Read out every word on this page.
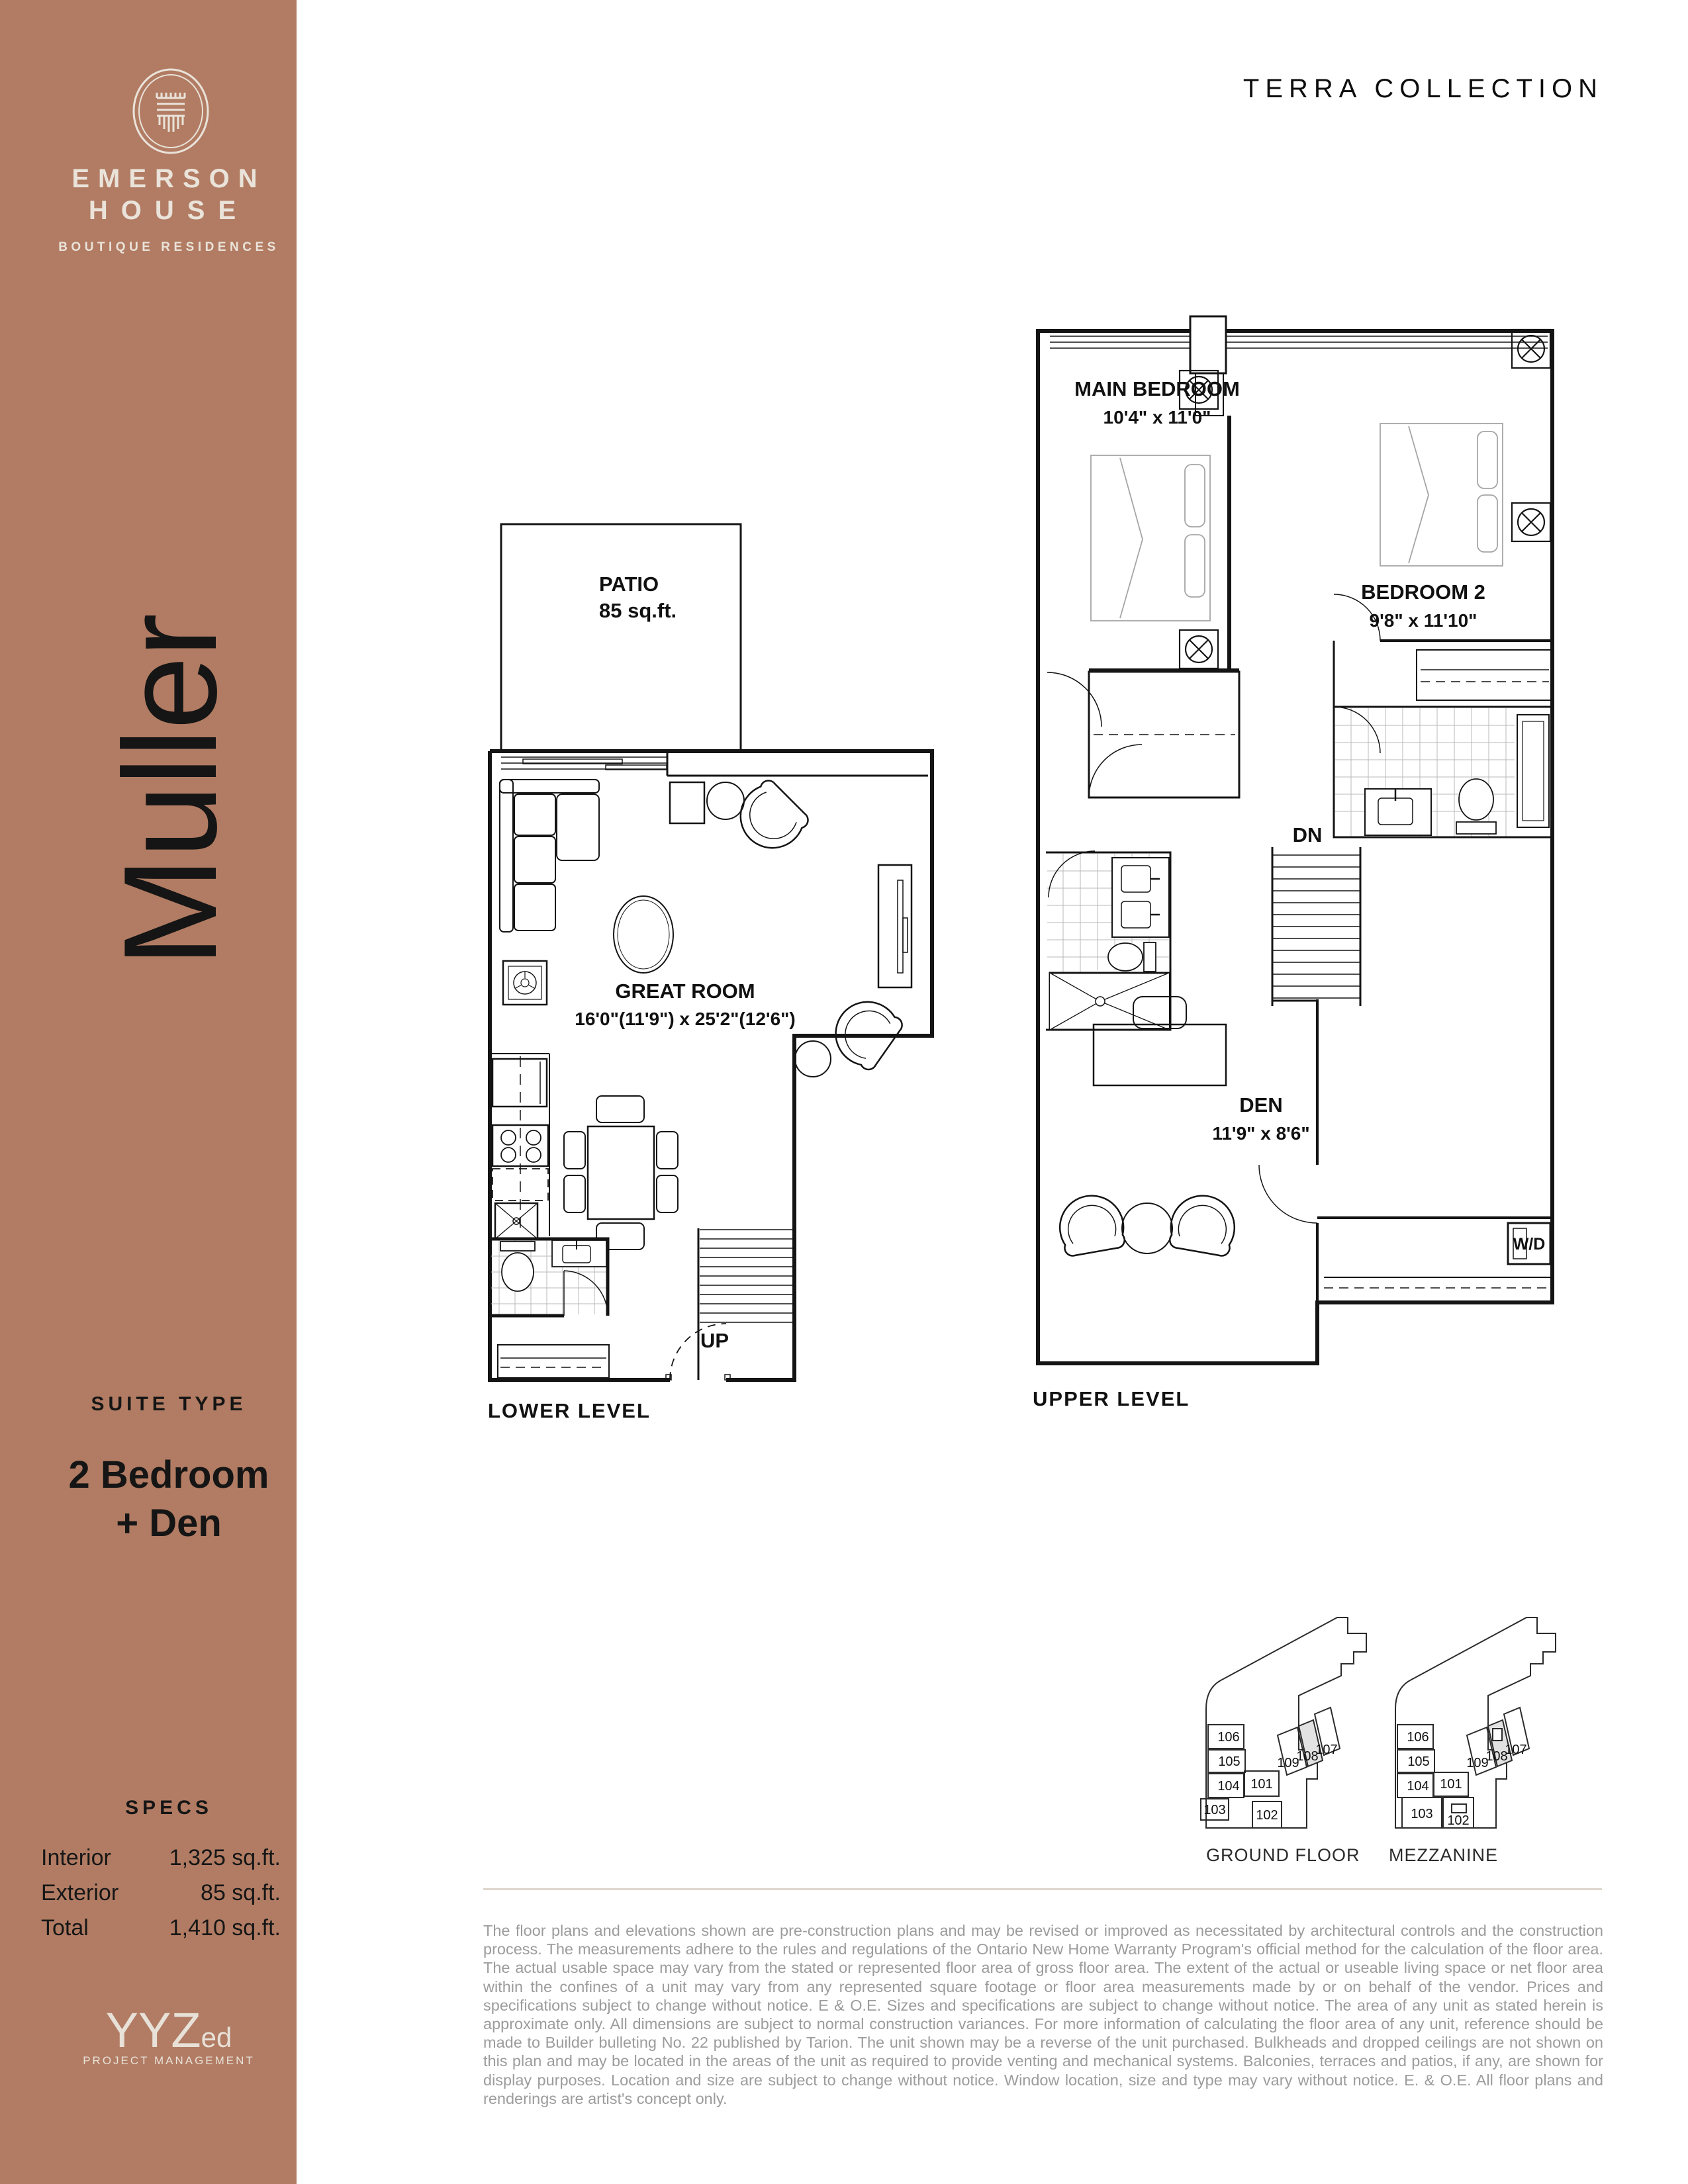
EMERSON
HOUSE
BOUTIQUE RESIDENCES
Muller
SUITE TYPE
2 Bedroom
+ Den
SPECS
Interior	1,325 sq.ft.
Exterior	85 sq.ft.
Total	1,410 sq.ft.
YYZed
PROJECT MANAGEMENT
TERRA COLLECTION
PATIO
85 sq.ft.
GREAT ROOM
16'0"(11'9") x 25'2"(12'6")
UP
LOWER LEVEL
MAIN BEDROOM
10'4" x 11'0"
BEDROOM 2
9'8" x 11'10"
DN
DEN
11'9" x 8'6"
W/D
UPPER LEVEL
106
105
104
103
101
102
109
108
107
GROUND FLOOR
106
105
104
103
101
102
109
108
107
MEZZANINE

The floor plans and elevations shown are pre-construction plans and may be revised or improved as necessitated by architectural controls and the construction process. The measurements adhere to the rules and regulations of the Ontario New Home Warranty Program's official method for the calculation of the floor area. The actual usable space may vary from the stated or represented floor area of gross floor area. The extent of the actual or useable living space or net floor area within the confines of a unit may vary from any represented square footage or floor area measurements made by or on behalf of the vendor. Prices and specifications subject to change without notice. E & O.E. Sizes and specifications are subject to change without notice. The area of any unit as stated herein is approximate only. All dimensions are subject to normal construction variances. For more information of calculating the floor area of any unit, reference should be made to Builder bulleting No. 22 published by Tarion. The unit shown may be a reverse of the unit purchased. Bulkheads and dropped ceilings are not shown on this plan and may be located in the areas of the unit as required to provide venting and mechanical systems. Balconies, terraces and patios, if any, are shown for display purposes. Location and size are subject to change without notice. Window location, size and type may vary without notice. E. & O.E. All floor plans and renderings are artist's concept only.
